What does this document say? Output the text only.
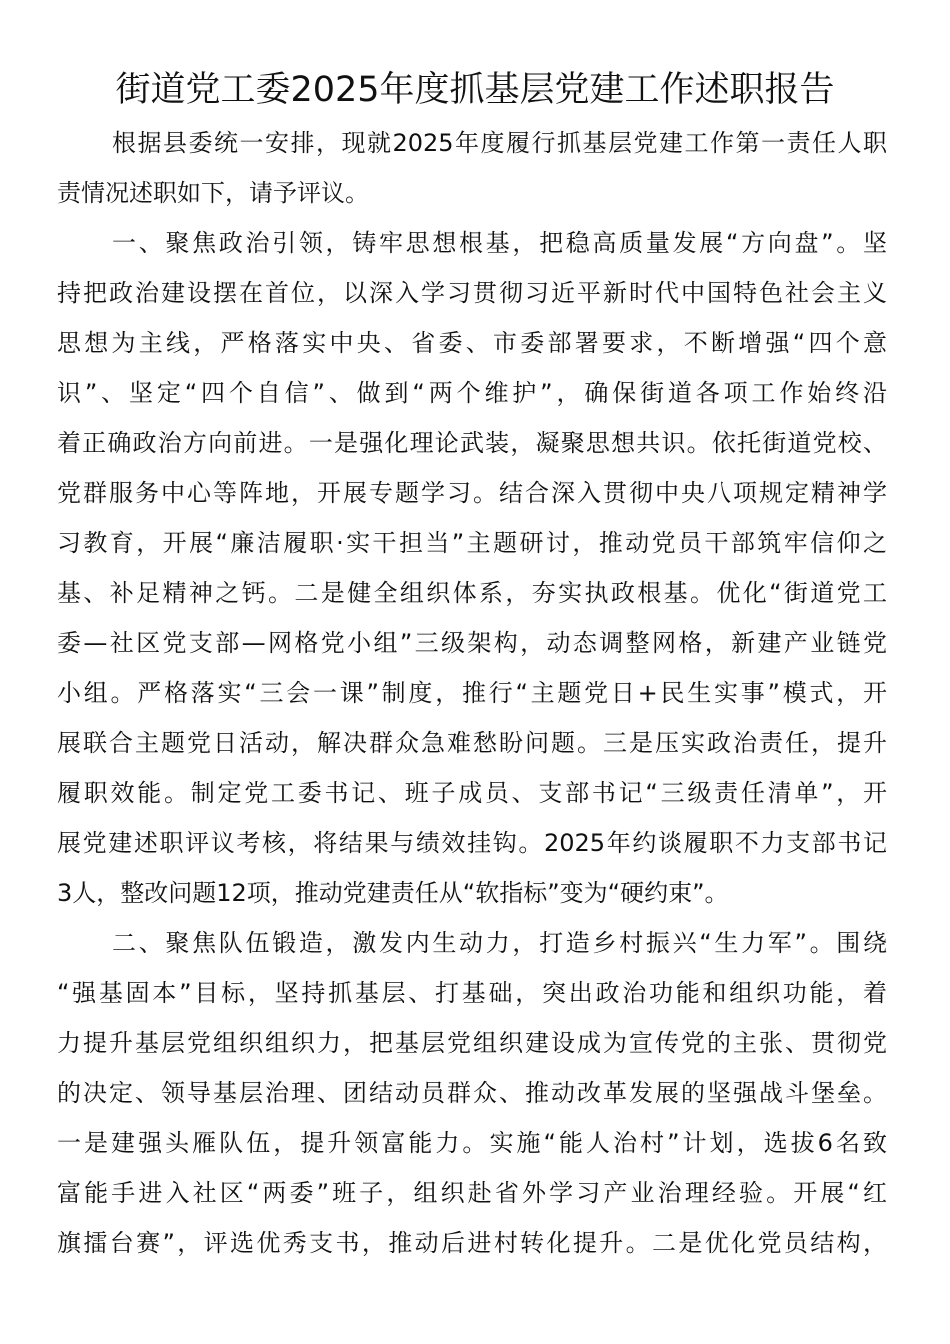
街道党工委2025年度抓基层党建工作述职报告
根据县委统一安排，现就2025年度履行抓基层党建工作第一责任人职
责情况述职如下，请予评议。
一、聚焦政治引领，铸牢思想根基，把稳高质量发展“方向盘”。坚
持把政治建设摆在首位，以深入学习贯彻习近平新时代中国特色社会主义
思想为主线，严格落实中央、省委、市委部署要求，不断增强“四个意
识”、坚定“四个自信”、做到“两个维护”，确保街道各项工作始终沿
着正确政治方向前进。一是强化理论武装，凝聚思想共识。依托街道党校、
党群服务中心等阵地，开展专题学习。结合深入贯彻中央八项规定精神学
习教育，开展“廉洁履职·实干担当”主题研讨，推动党员干部筑牢信仰之
基、补足精神之钙。二是健全组织体系，夯实执政根基。优化“街道党工
委—社区党支部—网格党小组”三级架构，动态调整网格，新建产业链党
小组。严格落实“三会一课”制度，推行“主题党日+民生实事”模式，开
展联合主题党日活动，解决群众急难愁盼问题。三是压实政治责任，提升
履职效能。制定党工委书记、班子成员、支部书记“三级责任清单”，开
展党建述职评议考核，将结果与绩效挂钩。2025年约谈履职不力支部书记
3人，整改问题12项，推动党建责任从“软指标”变为“硬约束”。
二、聚焦队伍锻造，激发内生动力，打造乡村振兴“生力军”。围绕
“强基固本”目标，坚持抓基层、打基础，突出政治功能和组织功能，着
力提升基层党组织组织力，把基层党组织建设成为宣传党的主张、贯彻党
的决定、领导基层治理、团结动员群众、推动改革发展的坚强战斗堡垒。
一是建强头雁队伍，提升领富能力。实施“能人治村”计划，选拔6名致
富能手进入社区“两委”班子，组织赴省外学习产业治理经验。开展“红
旗擂台赛”，评选优秀支书，推动后进村转化提升。二是优化党员结构，
